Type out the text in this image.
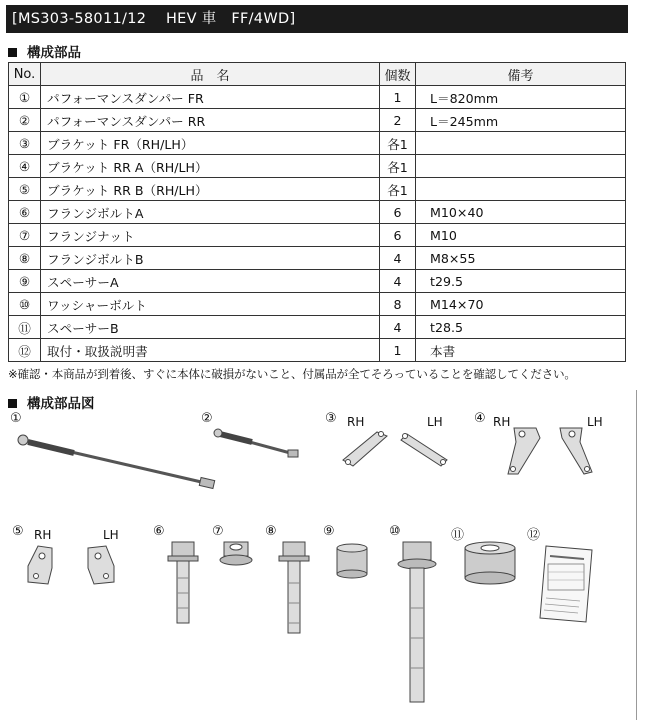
[MS303-58011/12　 HEV 車　FF/4WD]
構成部品
No.	品　名	個数	備考
①	パフォーマンスダンパー FR	1	L＝820mm
②	パフォーマンスダンパー RR	2	L＝245mm
③	ブラケット FR（RH/LH）	各1	
④	ブラケット RR A（RH/LH）	各1	
⑤	ブラケット RR B（RH/LH）	各1	
⑥	フランジボルトA	6	M10×40
⑦	フランジナット	6	M10
⑧	フランジボルトB	4	M8×55
⑨	スペーサーA	4	t29.5
⑩	ワッシャーボルト	8	M14×70
⑪	スペーサーB	4	t28.5
⑫	取付・取扱説明書	1	本書
※確認・本商品が到着後、すぐに本体に破損がないこと、付属品が全てそろっていることを確認してください。
構成部品図
①	②	③ RH	LH ④ RH	LH
⑤ RH	LH	⑥	⑦	⑧	⑨	⑩	⑪	⑫
